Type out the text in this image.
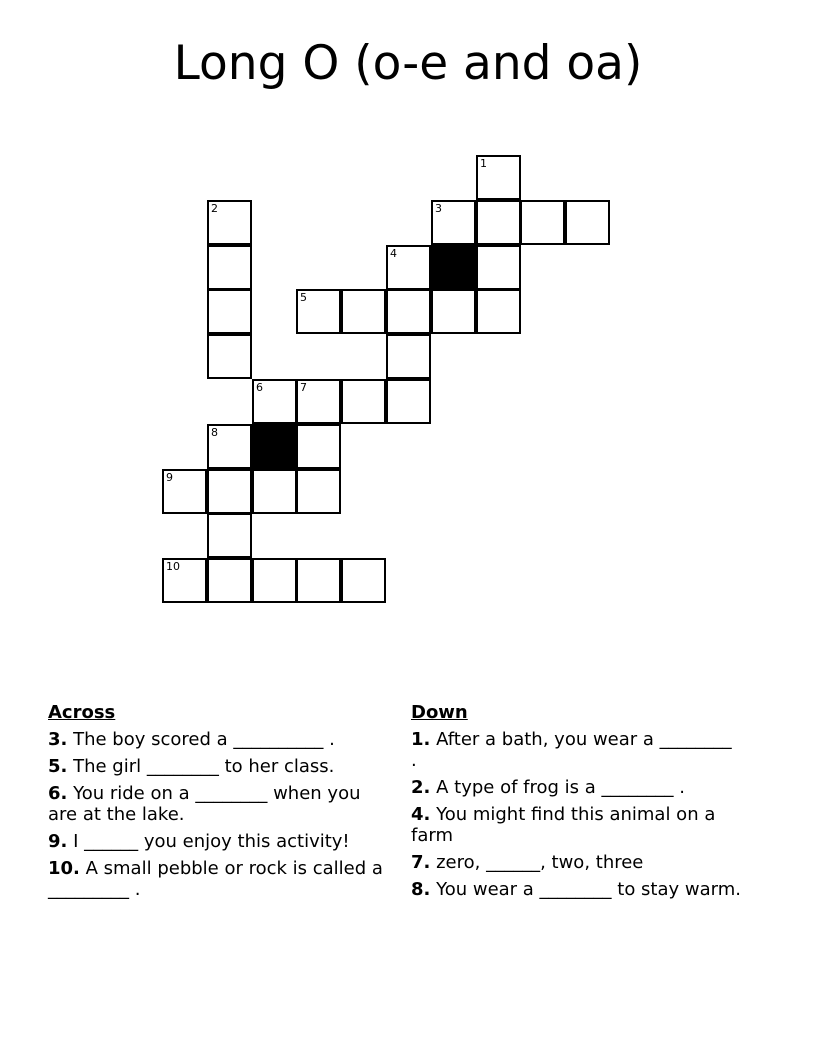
Long O (o-e and oa)
1
2	3
4
5
6	7
8
9
10
Across
3. The boy scored a __________ .
5. The girl ________ to her class.
6. You ride on a ________ when you are at the lake.
9. I ______ you enjoy this activity!
10. A small pebble or rock is called a _________ .
Down
1. After a bath, you wear a ________ .
2. A type of frog is a ________ .
4. You might find this animal on a farm
7. zero, ______, two, three
8. You wear a ________ to stay warm.
